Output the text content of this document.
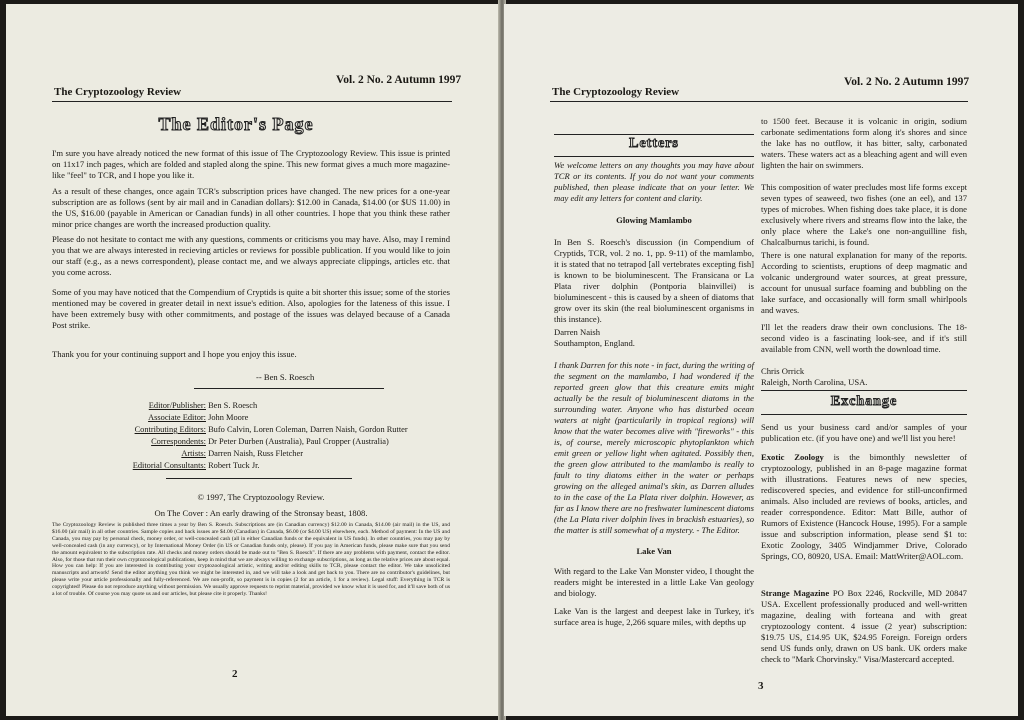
The Cryptozoology Review
Vol. 2 No. 2 Autumn 1997
The Editor's Page

I'm sure you have already noticed the new format of this issue of The Cryptozoology Review. This issue is printed on 11x17 inch pages, which are folded and stapled along the spine. This new format gives a much more magazine-like "feel" to TCR, and I hope you like it.

As a result of these changes, once again TCR's subscription prices have changed. The new prices for a one-year subscription are as follows (sent by air mail and in Canadian dollars): $12.00 in Canada, $14.00 (or $US 11.00) in the US, $16.00 (payable in American or Canadian funds) in all other countries. I hope that you think these rather minor price changes are worth the increased production quality.

Please do not hesitate to contact me with any questions, comments or criticisms you may have. Also, may I remind you that we are always interested in recieving articles or reviews for possible publication. If you would like to join our staff (e.g., as a news correspondent), please contact me, and we always appreciate clippings, articles etc. that you come across.

Some of you may have noticed that the Compendium of Cryptids is quite a bit shorter this issue; some of the stories mentioned may be covered in greater detail in next issue's edition. Also, apologies for the lateness of this issue. I have been extremely busy with other commitments, and postage of the issues was delayed because of a Canada Post strike.

Thank you for your continuing support and I hope you enjoy this issue.

-- Ben S. Roesch
Editor/Publisher: Ben S. Roesch
Associate Editor: John Moore
Contributing Editors: Bufo Calvin, Loren Coleman, Darren Naish, Gordon Rutter
Correspondents: Dr Peter Durben (Australia), Paul Cropper (Australia)
Artists: Darren Naish, Russ Fletcher
Editorial Consultants: Robert Tuck Jr.
© 1997, The Cryptozoology Review.
On The Cover : An early drawing of the Stronsay beast, 1808.
The Cryptozoology Review is published three times a year by Ben S. Roesch. Subscriptions are (in Canadian currency) $12.00 in Canada, $14.00 (air mail) in the US, and $16.00 (air mail) in all other countries. Sample copies and back issues are $4.00 (Canadian) in Canada, $6.00 (or $4.00 US) elsewhere, each. Method of payment: In the US and Canada, you may pay by personal check, money order, or well-concealed cash (all in either Canadian funds or the equivalent in US funds). In other countries, you may pay by well-concealed cash (in any currency), or by International Money Order (in US or Canadian funds only, please). If you pay in American funds, please make sure that you send the amount equivalent to the subscription rate. All checks and money orders should be made out to "Ben S. Roesch". If there are any problems with payment, contact the editor. Also, for those that run their own cryptozoological publications, keep in mind that we are always willing to exchange subscriptions, as long as the relative prices are about equal. How you can help: If you are interested in contributing your cryptozoological artistic, writing and/or editing skills to TCR, please contact the editor. We take unsolicited manuscripts and artwork! Send the editor anything you think we might be interested in, and we will take a look and get back to you. There are no contributor's guidelines, but please write your article professionally and fully-referenced. We are non-profit, so payment is in copies (2 for an article, 1 for a review). Legal stuff: Everything in TCR is copyrighted! Please do not reproduce anything without permission. We usually approve requests to reprint material, provided we know what it is used for, and it'll save both of us a lot of trouble. Of course you may quote us and our articles, but please cite it properly. Thanks!
2
The Cryptozoology Review
Vol. 2 No. 2 Autumn 1997
Letters

We welcome letters on any thoughts you may have about TCR or its contents. If you do not want your comments published, then please indicate that on your letter. We may edit any letters for content and clarity.

Glowing Mamlambo

In Ben S. Roesch's discussion (in Compendium of Cryptids, TCR, vol. 2 no. 1, pp. 9-11) of the mamlambo, it is stated that no tetrapod [all vertebrates excepting fish] is known to be bioluminescent. The Fransicana or La Plata river dolphin (Pontporia blainvillei) is bioluminescent - this is caused by a sheen of diatoms that grow over its skin (the real bioluminescent organisms in this instance).

Darren Naish
Southampton, England.

I thank Darren for this note - in fact, during the writing of the segment on the mamlambo, I had wondered if the reported green glow that this creature emits might actually be the result of bioluminescent diatoms in the surrounding water. Anyone who has disturbed ocean waters at night (particularily in tropical regions) will know that the water becomes alive with "fireworks" - this is, of course, merely microscopic phytoplankton which emit green or yellow light when agitated. Possibly then, the green glow attributed to the mamlambo is really to fault to tiny diatoms either in the water or perhaps growing on the alleged animal's skin, as Darren alludes to in the case of the La Plata river dolphin. However, as far as I know there are no freshwater luminescent diatoms (the La Plata river dolphin lives in brackish estuaries), so the matter is still somewhat of a mystery. - The Editor.

Lake Van

With regard to the Lake Van Monster video, I thought the readers might be interested in a little Lake Van geology and biology.

Lake Van is the largest and deepest lake in Turkey, it's surface area is huge, 2,266 square miles, with depths up

to 1500 feet. Because it is volcanic in origin, sodium carbonate sedimentations form along it's shores and since the lake has no outflow, it has bitter, salty, carbonated waters. These waters act as a bleaching agent and will even lighten the hair on swimmers.

This composition of water precludes most life forms except seven types of seaweed, two fishes (one an eel), and 137 types of microbes. When fishing does take place, it is done exclusively where rivers and streams flow into the lake, the only place where the Lake's one non-anguilline fish, Chalcalburnus tarichi, is found.

There is one natural explanation for many of the reports. According to scientists, eruptions of deep magmatic and volcanic underground water sources, at great pressure, account for unusual surface foaming and bubbling on the lake surface, and occasionally will form small whirlpools and waves.

I'll let the readers draw their own conclusions. The 18-second video is a fascinating look-see, and if it's still available from CNN, well worth the download time.

Chris Orrick
Raleigh, North Carolina, USA.
Exchange

Send us your business card and/or samples of your publication etc. (if you have one) and we'll list you here!

Exotic Zoology is the bimonthly newsletter of cryptozoology, published in an 8-page magazine format with illustrations. Features news of new species, rediscovered species, and evidence for still-unconfirmed animals. Also included are reviews of books, articles, and reader correspondence. Editor: Matt Bille, author of Rumors of Existence (Hancock House, 1995). For a sample issue and subscription information, please send $1 to: Exotic Zoology, 3405 Windjammer Drive, Colorado Springs, CO, 80920, USA. Email: MattWriter@AOL.com.

Strange Magazine PO Box 2246, Rockville, MD 20847 USA. Excellent professionally produced and well-written magazine, dealing with forteana and with great cryptozoology content. 4 issue (2 year) subscription: $19.75 US, £14.95 UK, $24.95 Foreign. Foreign orders send US funds only, drawn on US bank. UK orders make check to "Mark Chorvinsky." Visa/Mastercard accepted.

3
